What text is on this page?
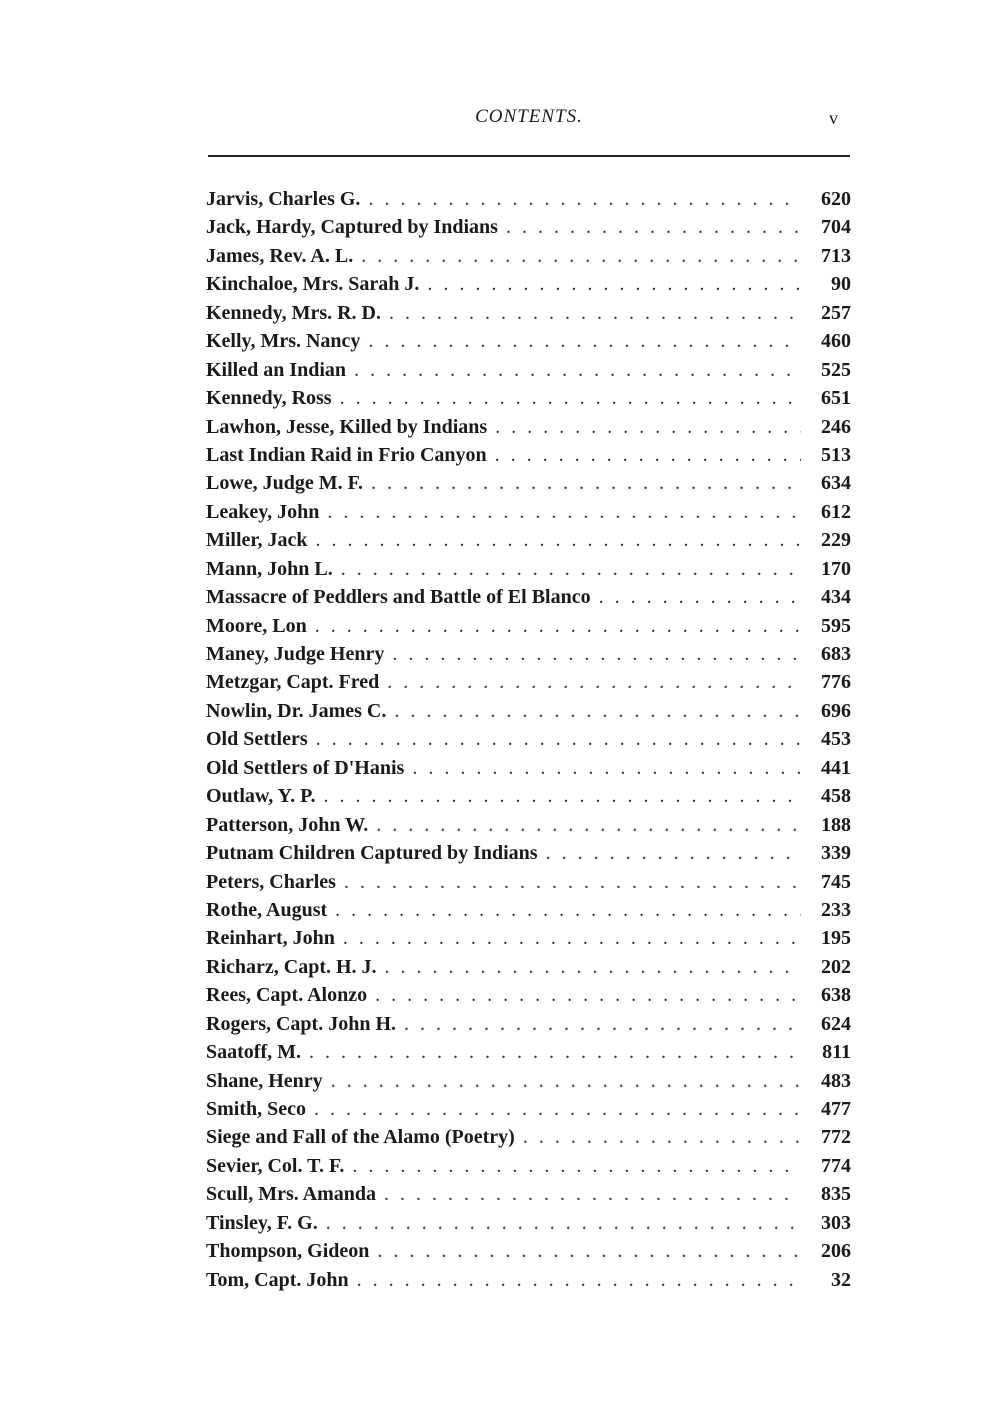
CONTENTS.	v
Jarvis, Charles G. . . .	620
Jack, Hardy, Captured by Indians . . .	704
James, Rev. A. L. . . .	713
Kinchaloe, Mrs. Sarah J. . . .	90
Kennedy, Mrs. R. D. . . .	257
Kelly, Mrs. Nancy . . .	460
Killed an Indian . . .	525
Kennedy, Ross . . .	651
Lawhon, Jesse, Killed by Indians . . .	246
Last Indian Raid in Frio Canyon . . .	513
Lowe, Judge M. F. . . .	634
Leakey, John . . .	612
Miller, Jack . . .	229
Mann, John L. . . .	170
Massacre of Peddlers and Battle of El Blanco . . .	434
Moore, Lon . . .	595
Maney, Judge Henry . . .	683
Metzgar, Capt. Fred . . .	776
Nowlin, Dr. James C. . . .	696
Old Settlers . . .	453
Old Settlers of D'Hanis . . .	441
Outlaw, Y. P. . . .	458
Patterson, John W. . . .	188
Putnam Children Captured by Indians . . .	339
Peters, Charles . . .	745
Rothe, August . . .	233
Reinhart, John . . .	195
Richarz, Capt. H. J. . . .	202
Rees, Capt. Alonzo . . .	638
Rogers, Capt. John H. . . .	624
Saatoff, M. . . .	811
Shane, Henry . . .	483
Smith, Seco . . .	477
Siege and Fall of the Alamo (Poetry) . . .	772
Sevier, Col. T. F. . . .	774
Scull, Mrs. Amanda . . .	835
Tinsley, F. G. . . .	303
Thompson, Gideon . . .	206
Tom, Capt. John . . .	32
